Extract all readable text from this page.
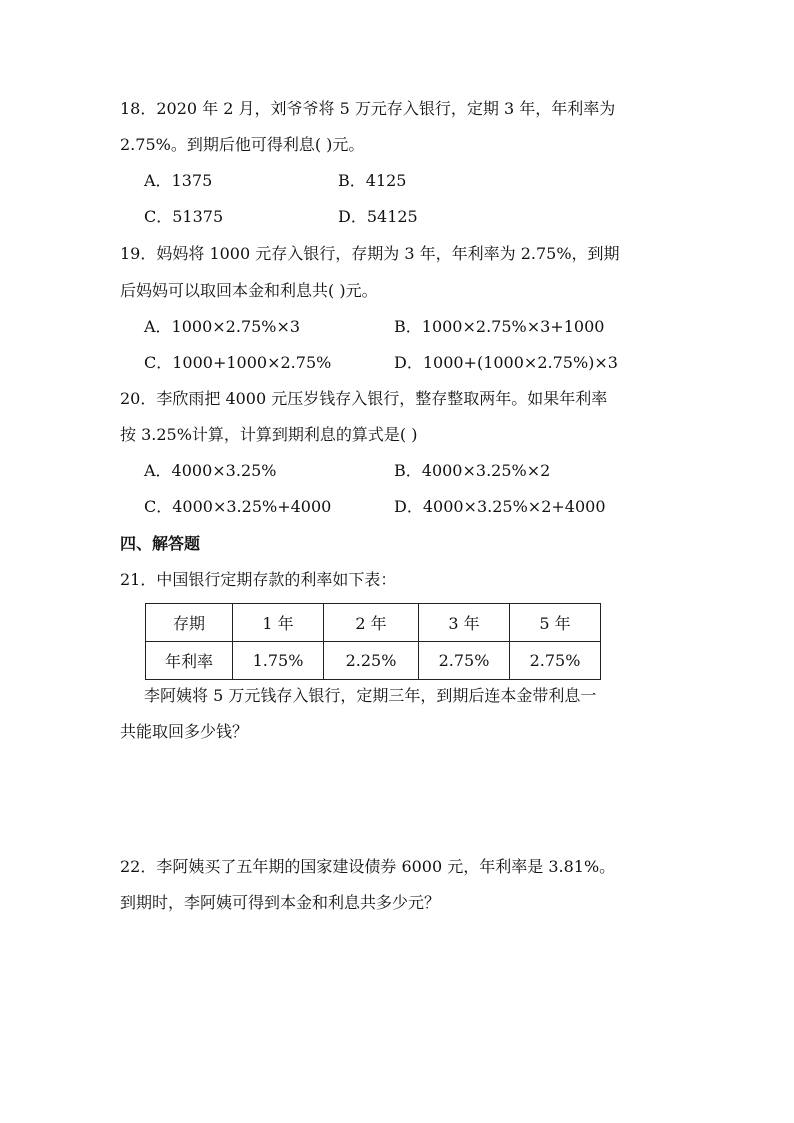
18．2020 年 2 月，刘爷爷将 5 万元存入银行，定期 3 年，年利率为
2.75%。到期后他可得利息( )元。
A．1375	B．4125
C．51375	D．54125
19．妈妈将 1000 元存入银行，存期为 3 年，年利率为 2.75%，到期
后妈妈可以取回本金和利息共( )元。
A．1000×2.75%×3	B．1000×2.75%×3+1000
C．1000+1000×2.75%	D．1000+(1000×2.75%)×3
20．李欣雨把 4000 元压岁钱存入银行，整存整取两年。如果年利率
按 3.25%计算，计算到期利息的算式是( )
A．4000×3.25%	B．4000×3.25%×2
C．4000×3.25%+4000	D．4000×3.25%×2+4000
四、解答题
21．中国银行定期存款的利率如下表：
存期	1 年	2 年	3 年	5 年
年利率	1.75%	2.25%	2.75%	2.75%
李阿姨将 5 万元钱存入银行，定期三年，到期后连本金带利息一
共能取回多少钱？
22．李阿姨买了五年期的国家建设债券 6000 元，年利率是 3.81%。
到期时，李阿姨可得到本金和利息共多少元？
